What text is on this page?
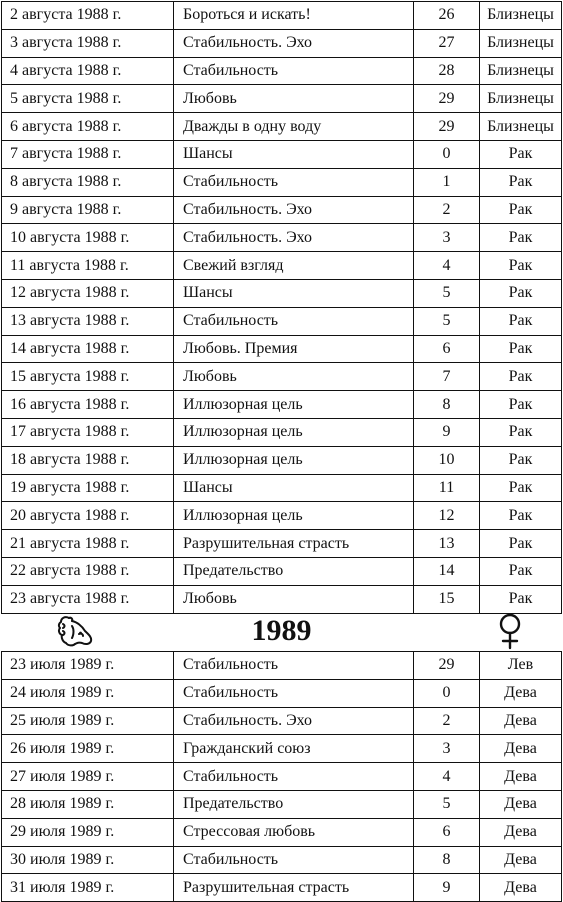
2 августа 1988 г.	Бороться и искать!	26	Близнецы
3 августа 1988 г.	Стабильность. Эхо	27	Близнецы
4 августа 1988 г.	Стабильность	28	Близнецы
5 августа 1988 г.	Любовь	29	Близнецы
6 августа 1988 г.	Дважды в одну воду	29	Близнецы
7 августа 1988 г.	Шансы	0	Рак
8 августа 1988 г.	Стабильность	1	Рак
9 августа 1988 г.	Стабильность. Эхо	2	Рак
10 августа 1988 г.	Стабильность. Эхо	3	Рак
11 августа 1988 г.	Свежий взгляд	4	Рак
12 августа 1988 г.	Шансы	5	Рак
13 августа 1988 г.	Стабильность	5	Рак
14 августа 1988 г.	Любовь. Премия	6	Рак
15 августа 1988 г.	Любовь	7	Рак
16 августа 1988 г.	Иллюзорная цель	8	Рак
17 августа 1988 г.	Иллюзорная цель	9	Рак
18 августа 1988 г.	Иллюзорная цель	10	Рак
19 августа 1988 г.	Шансы	11	Рак
20 августа 1988 г.	Иллюзорная цель	12	Рак
21 августа 1988 г.	Разрушительная страсть	13	Рак
22 августа 1988 г.	Предательство	14	Рак
23 августа 1988 г.	Любовь	15	Рак
1989
23 июля 1989 г.	Стабильность	29	Лев
24 июля 1989 г.	Стабильность	0	Дева
25 июля 1989 г.	Стабильность. Эхо	2	Дева
26 июля 1989 г.	Гражданский союз	3	Дева
27 июля 1989 г.	Стабильность	4	Дева
28 июля 1989 г.	Предательство	5	Дева
29 июля 1989 г.	Стрессовая любовь	6	Дева
30 июля 1989 г.	Стабильность	8	Дева
31 июля 1989 г.	Разрушительная страсть	9	Дева
